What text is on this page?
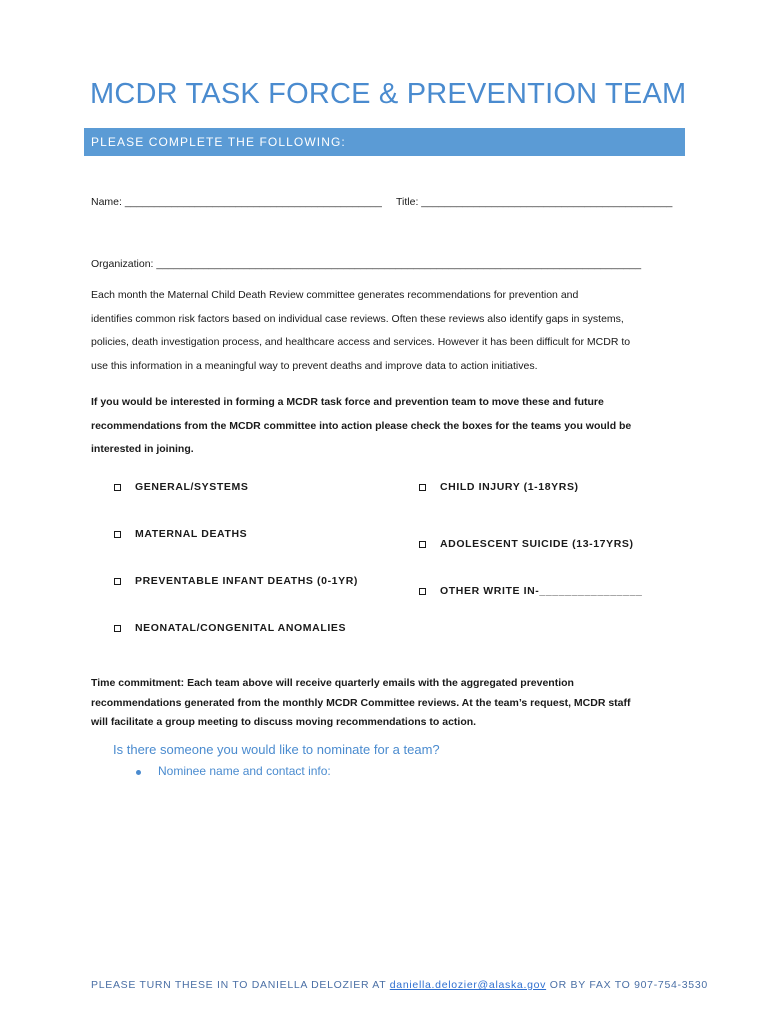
MCDR TASK FORCE & PREVENTION TEAM
PLEASE COMPLETE THE FOLLOWING:
Name: ____________________________________________ Title: ___________________________________________
Organization: ___________________________________________________________________________________
Each month the Maternal Child Death Review committee generates recommendations for prevention and
identifies common risk factors based on individual case reviews. Often these reviews also identify gaps in systems,
policies, death investigation process, and healthcare access and services. However it has been difficult for MCDR to
use this information in a meaningful way to prevent deaths and improve data to action initiatives.
If you would be interested in forming a MCDR task force and prevention team to move these and future
recommendations from the MCDR committee into action please check the boxes for the teams you would be
interested in joining.
GENERAL/SYSTEMS
MATERNAL DEATHS
PREVENTABLE INFANT DEATHS (0-1YR)
NEONATAL/CONGENITAL ANOMALIES
CHILD INJURY (1-18YRS)
ADOLESCENT SUICIDE (13-17YRS)
OTHER WRITE IN-________________
Time commitment: Each team above will receive quarterly emails with the aggregated prevention
recommendations generated from the monthly MCDR Committee reviews. At the team’s request, MCDR staff
will facilitate a group meeting to discuss moving recommendations to action.
Is there someone you would like to nominate for a team?
Nominee name and contact info:
PLEASE TURN THESE IN TO DANIELLA DELOZIER AT daniella.delozier@alaska.gov OR BY FAX TO 907-754-3530
